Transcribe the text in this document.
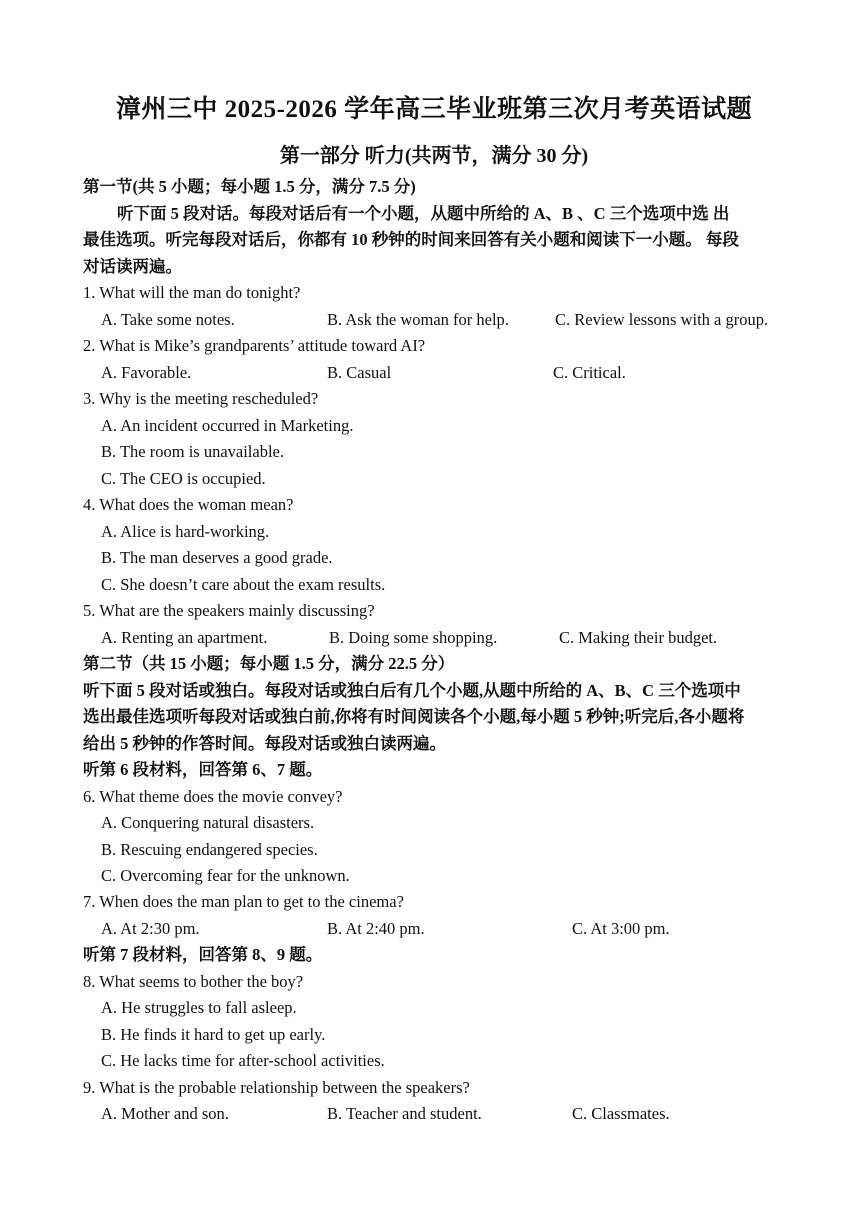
漳州三中 2025-2026 学年高三毕业班第三次月考英语试题
第一部分 听力(共两节，满分 30 分)
第一节(共 5 小题；每小题 1.5 分，满分 7.5 分)
听下面 5 段对话。每段对话后有一个小题，从题中所给的 A、B 、C 三个选项中选 出
最佳选项。听完每段对话后，你都有 10 秒钟的时间来回答有关小题和阅读下一小题。 每段
对话读两遍。
1. What will the man do tonight?
A. Take some notes.	B. Ask the woman for help.	C. Review lessons with a group.
2. What is Mike’s grandparents’ attitude toward AI?
A. Favorable.	B. Casual	C. Critical.
3. Why is the meeting rescheduled?
A. An incident occurred in Marketing.
B. The room is unavailable.
C. The CEO is occupied.
4. What does the woman mean?
A. Alice is hard-working.
B. The man deserves a good grade.
C. She doesn’t care about the exam results.
5. What are the speakers mainly discussing?
A. Renting an apartment.	B. Doing some shopping.	C. Making their budget.
第二节（共 15 小题；每小题 1.5 分，满分 22.5 分）
听下面 5 段对话或独白。每段对话或独白后有几个小题,从题中所给的 A、B、C 三个选项中
选出最佳选项听每段对话或独白前,你将有时间阅读各个小题,每小题 5 秒钟;听完后,各小题将
给出 5 秒钟的作答时间。每段对话或独白读两遍。
听第 6 段材料，回答第 6、7 题。
6. What theme does the movie convey?
A. Conquering natural disasters.
B. Rescuing endangered species.
C. Overcoming fear for the unknown.
7. When does the man plan to get to the cinema?
A. At 2:30 pm.	B. At 2:40 pm.	C. At 3:00 pm.
听第 7 段材料，回答第 8、9 题。
8. What seems to bother the boy?
A. He struggles to fall asleep.
B. He finds it hard to get up early.
C. He lacks time for after-school activities.
9. What is the probable relationship between the speakers?
A. Mother and son.	B. Teacher and student.	C. Classmates.
